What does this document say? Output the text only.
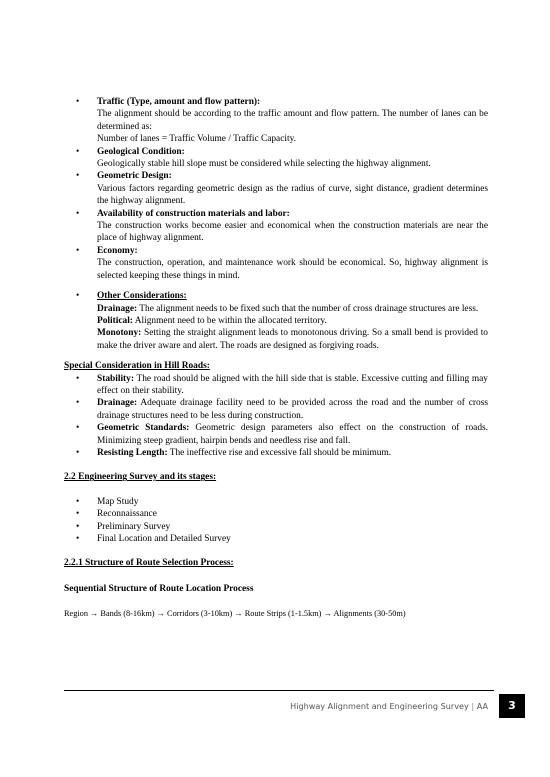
• Traffic (Type, amount and flow pattern):
The alignment should be according to the traffic amount and flow pattern. The number of lanes can be determined as:
Number of lanes = Traffic Volume / Traffic Capacity.
• Geological Condition:
Geologically stable hill slope must be considered while selecting the highway alignment.
• Geometric Design:
Various factors regarding geometric design as the radius of curve, sight distance, gradient determines the highway alignment.
• Availability of construction materials and labor:
The construction works become easier and economical when the construction materials are near the place of highway alignment.
• Economy:
The construction, operation, and maintenance work should be economical. So, highway alignment is selected keeping these things in mind.
• Other Considerations:
Drainage: The alignment needs to be fixed such that the number of cross drainage structures are less.
Political: Alignment need to be within the allocated territory.
Monotony: Setting the straight alignment leads to monotonous driving. So a small bend is provided to make the driver aware and alert. The roads are designed as forgiving roads.
Special Consideration in Hill Roads:
• Stability: The road should be aligned with the hill side that is stable. Excessive cutting and filling may effect on their stability.
• Drainage: Adequate drainage facility need to be provided across the road and the number of cross drainage structures need to be less during construction.
• Geometric Standards: Geometric design parameters also effect on the construction of roads. Minimizing steep gradient, hairpin bends and needless rise and fall.
• Resisting Length: The ineffective rise and excessive fall should be minimum.
2.2 Engineering Survey and its stages:
• Map Study
• Reconnaissance
• Preliminary Survey
• Final Location and Detailed Survey
2.2.1 Structure of Route Selection Process:
Sequential Structure of Route Location Process
Region → Bands (8-16km) → Corridors (3-10km) → Route Strips (1-1.5km) → Alignments (30-50m)
Highway Alignment and Engineering Survey | AA	3
